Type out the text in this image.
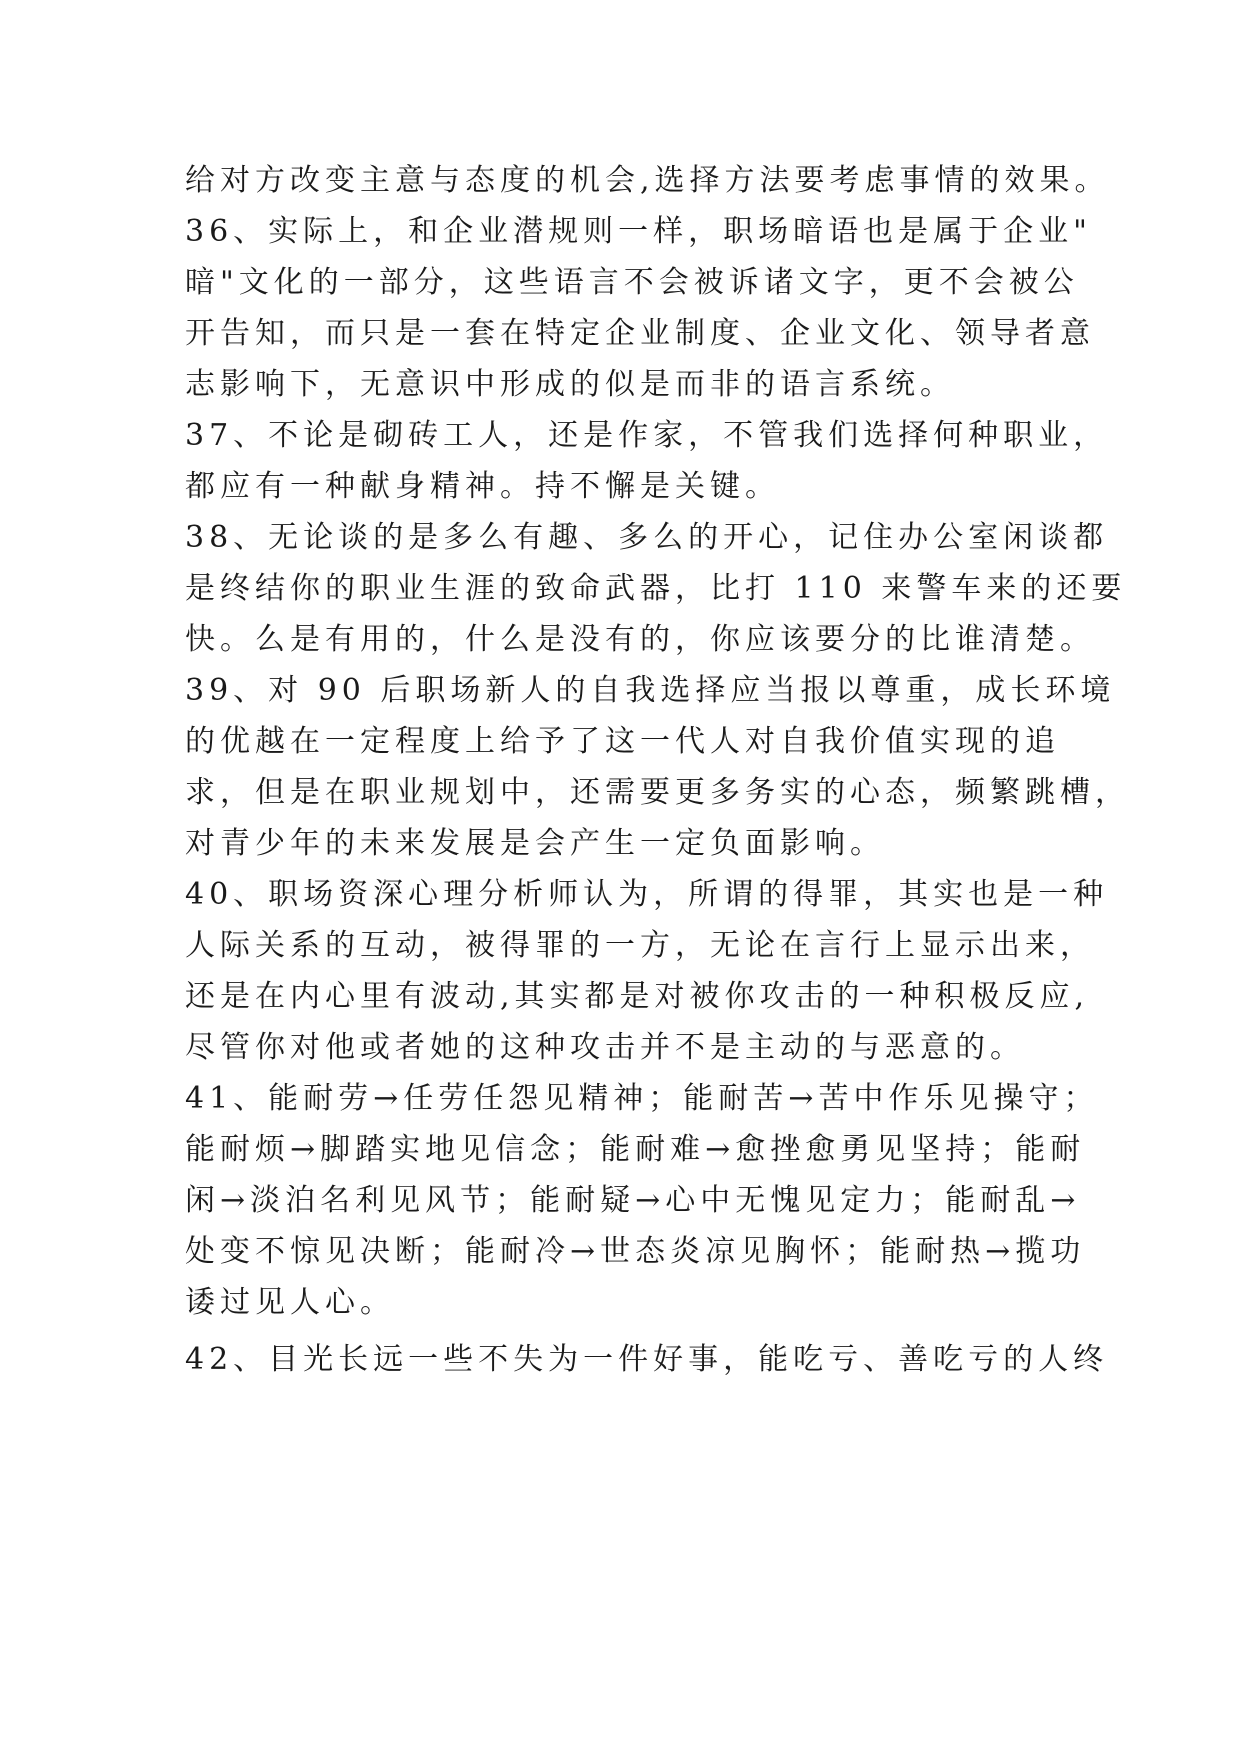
给对方改变主意与态度的机会,选择方法要考虑事情的效果。
36、实际上，和企业潜规则一样，职场暗语也是属于企业"
暗"文化的一部分，这些语言不会被诉诸文字，更不会被公
开告知，而只是一套在特定企业制度、企业文化、领导者意
志影响下，无意识中形成的似是而非的语言系统。
37、不论是砌砖工人，还是作家，不管我们选择何种职业，
都应有一种献身精神。持不懈是关键。
38、无论谈的是多么有趣、多么的开心，记住办公室闲谈都
是终结你的职业生涯的致命武器，比打 110 来警车来的还要
快。么是有用的，什么是没有的，你应该要分的比谁清楚。
39、对 90 后职场新人的自我选择应当报以尊重，成长环境
的优越在一定程度上给予了这一代人对自我价值实现的追
求，但是在职业规划中，还需要更多务实的心态，频繁跳槽，
对青少年的未来发展是会产生一定负面影响。
40、职场资深心理分析师认为，所谓的得罪，其实也是一种
人际关系的互动，被得罪的一方，无论在言行上显示出来，
还是在内心里有波动,其实都是对被你攻击的一种积极反应,
尽管你对他或者她的这种攻击并不是主动的与恶意的。
41、能耐劳→任劳任怨见精神；能耐苦→苦中作乐见操守；
能耐烦→脚踏实地见信念；能耐难→愈挫愈勇见坚持；能耐
闲→淡泊名利见风节；能耐疑→心中无愧见定力；能耐乱→
处变不惊见决断；能耐冷→世态炎凉见胸怀；能耐热→揽功
诿过见人心。
42、目光长远一些不失为一件好事，能吃亏、善吃亏的人终
